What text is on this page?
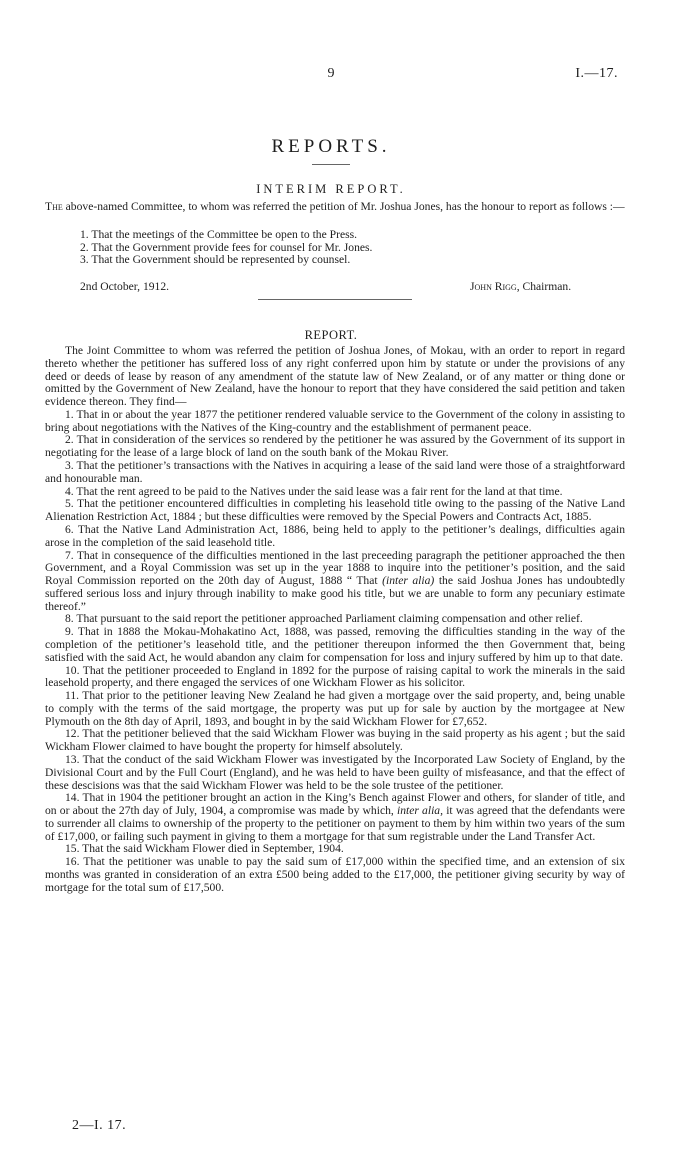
9	I.—17.
REPORTS.
INTERIM REPORT.
The above-named Committee, to whom was referred the petition of Mr. Joshua Jones, has the honour to report as follows :—
1. That the meetings of the Committee be open to the Press.
2. That the Government provide fees for counsel for Mr. Jones.
3. That the Government should be represented by counsel.
2nd October, 1912.	John Rigg, Chairman.
REPORT.

The Joint Committee to whom was referred the petition of Joshua Jones, of Mokau, with an order to report in regard thereto whether the petitioner has suffered loss of any right conferred upon him by statute or under the provisions of any deed or deeds of lease by reason of any amendment of the statute law of New Zealand, or of any matter or thing done or omitted by the Government of New Zealand, have the honour to report that they have considered the said petition and taken evidence thereon. They find—

1. That in or about the year 1877 the petitioner rendered valuable service to the Government of the colony in assisting to bring about negotiations with the Natives of the King-country and the establishment of permanent peace.

2. That in consideration of the services so rendered by the petitioner he was assured by the Government of its support in negotiating for the lease of a large block of land on the south bank of the Mokau River.

3. That the petitioner’s transactions with the Natives in acquiring a lease of the said land were those of a straightforward and honourable man.

4. That the rent agreed to be paid to the Natives under the said lease was a fair rent for the land at that time.

5. That the petitioner encountered difficulties in completing his leasehold title owing to the passing of the Native Land Alienation Restriction Act, 1884 ; but these difficulties were removed by the Special Powers and Contracts Act, 1885.

6. That the Native Land Administration Act, 1886, being held to apply to the petitioner’s dealings, difficulties again arose in the completion of the said leasehold title.

7. That in consequence of the difficulties mentioned in the last preceeding paragraph the petitioner approached the then Government, and a Royal Commission was set up in the year 1888 to inquire into the petitioner’s position, and the said Royal Commission reported on the 20th day of August, 1888 “ That (inter alia) the said Joshua Jones has undoubtedly suffered serious loss and injury through inability to make good his title, but we are unable to form any pecuniary estimate thereof.”

8. That pursuant to the said report the petitioner approached Parliament claiming compensation and other relief.

9. That in 1888 the Mokau-Mohakatino Act, 1888, was passed, removing the difficulties standing in the way of the completion of the petitioner’s leasehold title, and the petitioner thereupon informed the then Government that, being satisfied with the said Act, he would abandon any claim for compensation for loss and injury suffered by him up to that date.

10. That the petitioner proceeded to England in 1892 for the purpose of raising capital to work the minerals in the said leasehold property, and there engaged the services of one Wickham Flower as his solicitor.

11. That prior to the petitioner leaving New Zealand he had given a mortgage over the said property, and, being unable to comply with the terms of the said mortgage, the property was put up for sale by auction by the mortgagee at New Plymouth on the 8th day of April, 1893, and bought in by the said Wickham Flower for £7,652.

12. That the petitioner believed that the said Wickham Flower was buying in the said property as his agent ; but the said Wickham Flower claimed to have bought the property for himself absolutely.

13. That the conduct of the said Wickham Flower was investigated by the Incorporated Law Society of England, by the Divisional Court and by the Full Court (England), and he was held to have been guilty of misfeasance, and that the effect of these descisions was that the said Wickham Flower was held to be the sole trustee of the petitioner.

14. That in 1904 the petitioner brought an action in the King’s Bench against Flower and others, for slander of title, and on or about the 27th day of July, 1904, a compromise was made by which, inter alia, it was agreed that the defendants were to surrender all claims to ownership of the property to the petitioner on payment to them by him within two years of the sum of £17,000, or failing such payment in giving to them a mortgage for that sum registrable under the Land Transfer Act.

15. That the said Wickham Flower died in September, 1904.

16. That the petitioner was unable to pay the said sum of £17,000 within the specified time, and an extension of six months was granted in consideration of an extra £500 being added to the £17,000, the petitioner giving security by way of mortgage for the total sum of £17,500.

2—I. 17.
